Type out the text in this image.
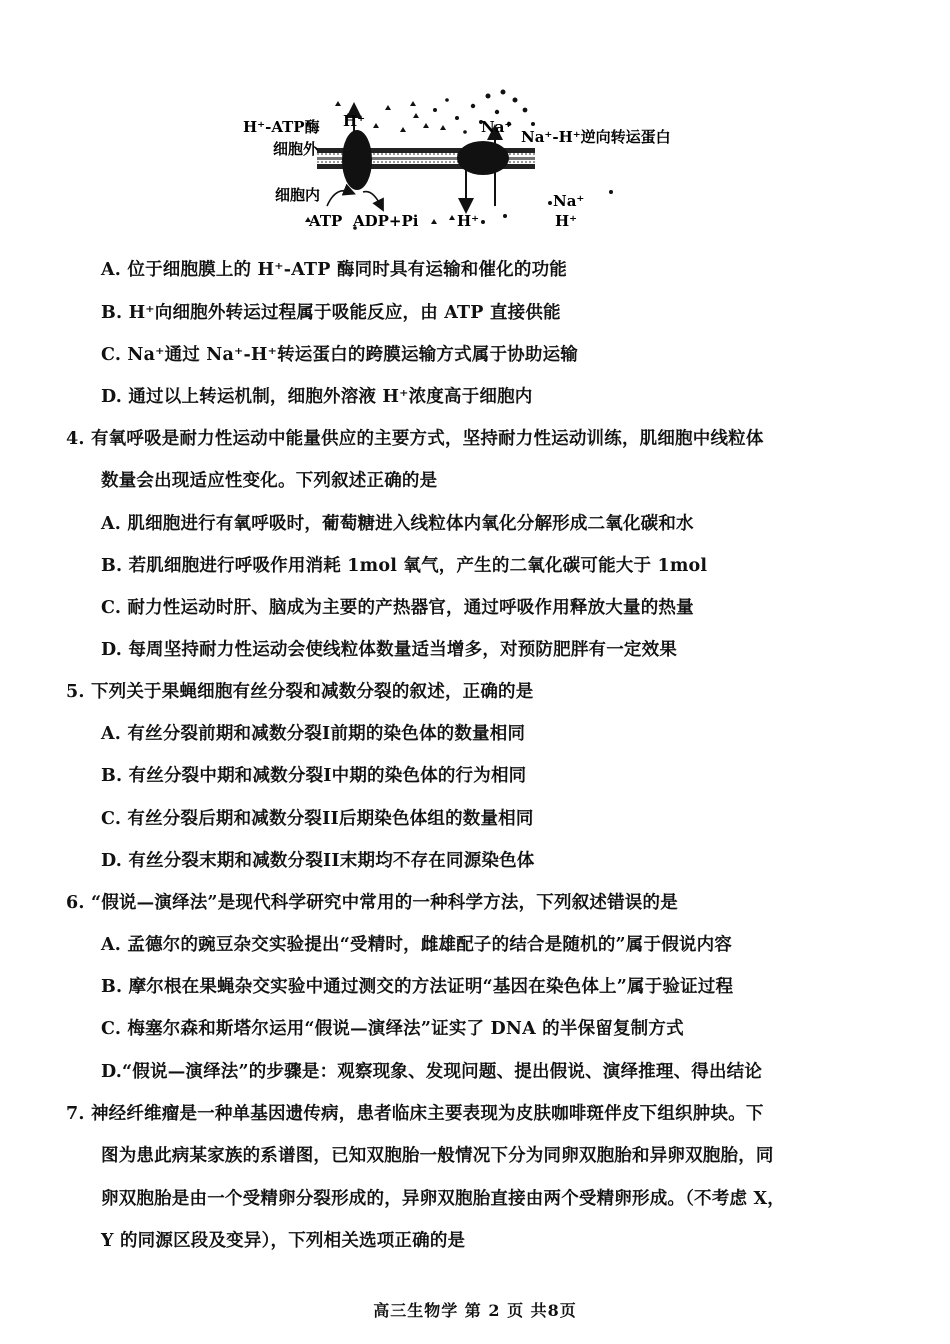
H⁺-ATP酶
细胞外
细胞内
ATP ADP+Pi
H⁺	Na⁺
Na⁺-H⁺逆向转运蛋白
H⁺
Na⁺
H⁺
A. 位于细胞膜上的 H⁺-ATP 酶同时具有运输和催化的功能
B. H⁺向细胞外转运过程属于吸能反应，由 ATP 直接供能
C. Na⁺通过 Na⁺-H⁺转运蛋白的跨膜运输方式属于协助运输
D. 通过以上转运机制，细胞外溶液 H⁺浓度高于细胞内
4. 有氧呼吸是耐力性运动中能量供应的主要方式，坚持耐力性运动训练，肌细胞中线粒体
数量会出现适应性变化。下列叙述正确的是
A. 肌细胞进行有氧呼吸时，葡萄糖进入线粒体内氧化分解形成二氧化碳和水
B. 若肌细胞进行呼吸作用消耗 1mol 氧气，产生的二氧化碳可能大于 1mol
C. 耐力性运动时肝、脑成为主要的产热器官，通过呼吸作用释放大量的热量
D. 每周坚持耐力性运动会使线粒体数量适当增多，对预防肥胖有一定效果
5. 下列关于果蝇细胞有丝分裂和减数分裂的叙述，正确的是
A. 有丝分裂前期和减数分裂I前期的染色体的数量相同
B. 有丝分裂中期和减数分裂I中期的染色体的行为相同
C. 有丝分裂后期和减数分裂II后期染色体组的数量相同
D. 有丝分裂末期和减数分裂II末期均不存在同源染色体
6. “假说—演绎法”是现代科学研究中常用的一种科学方法，下列叙述错误的是
A. 孟德尔的豌豆杂交实验提出“受精时，雌雄配子的结合是随机的”属于假说内容
B. 摩尔根在果蝇杂交实验中通过测交的方法证明“基因在染色体上”属于验证过程
C. 梅塞尔森和斯塔尔运用“假说—演绎法”证实了 DNA 的半保留复制方式
D.“假说—演绎法”的步骤是：观察现象、发现问题、提出假说、演绎推理、得出结论
7. 神经纤维瘤是一种单基因遗传病，患者临床主要表现为皮肤咖啡斑伴皮下组织肿块。下
图为患此病某家族的系谱图，已知双胞胎一般情况下分为同卵双胞胎和异卵双胞胎，同
卵双胞胎是由一个受精卵分裂形成的，异卵双胞胎直接由两个受精卵形成。（不考虑 X，
Y 的同源区段及变异），下列相关选项正确的是
高三生物学 第 2 页 共8页
